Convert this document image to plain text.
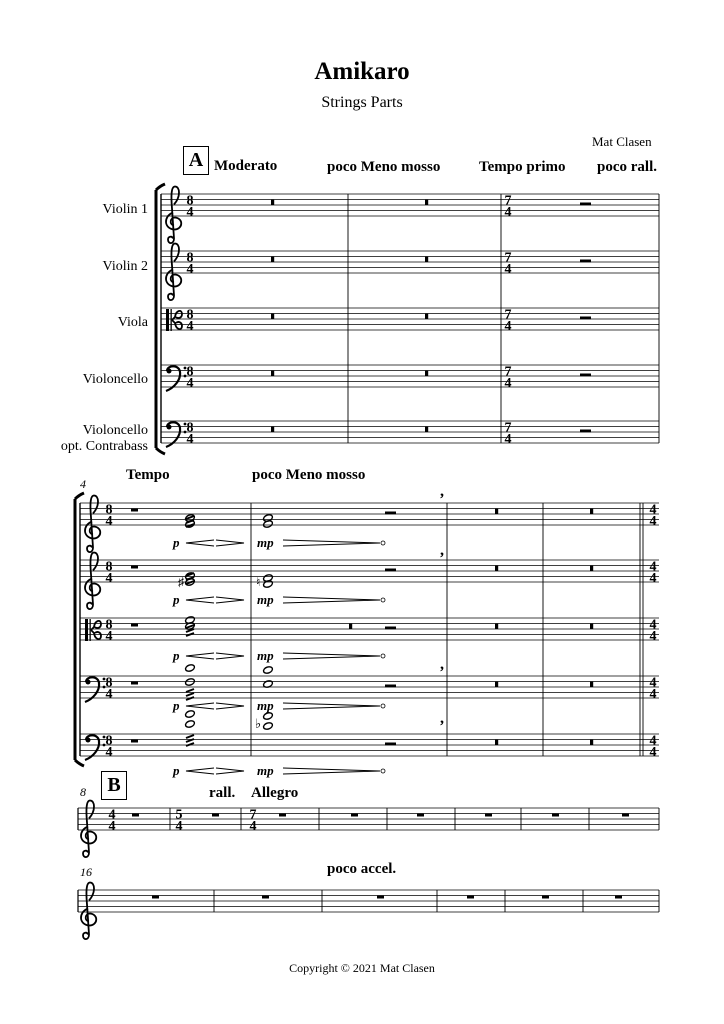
Amikaro
Strings Parts
Mat Clasen
A Moderato	poco Meno mosso	Tempo primo poco rall.
Violin 1
Violin 2
Viola
Violoncello
Violoncello
opt. Contrabass
Tempo	poco Meno mosso
4
B
8	rall. Allegro
16	poco accel.
Copyright © 2021 Mat Clasen
8
4
7
4
8
4
7
4
8
4
7
4
8
4
7
4
8
4
7
4
8
4
4
4
8
4
4
4
8
4
4
4
8
4
4
4
8
4
4
4
♯	♮
♭
p	mp
p	mp
p	mp
p	mp
p	mp
,
,
,
,
4
4
5
4
7
4
